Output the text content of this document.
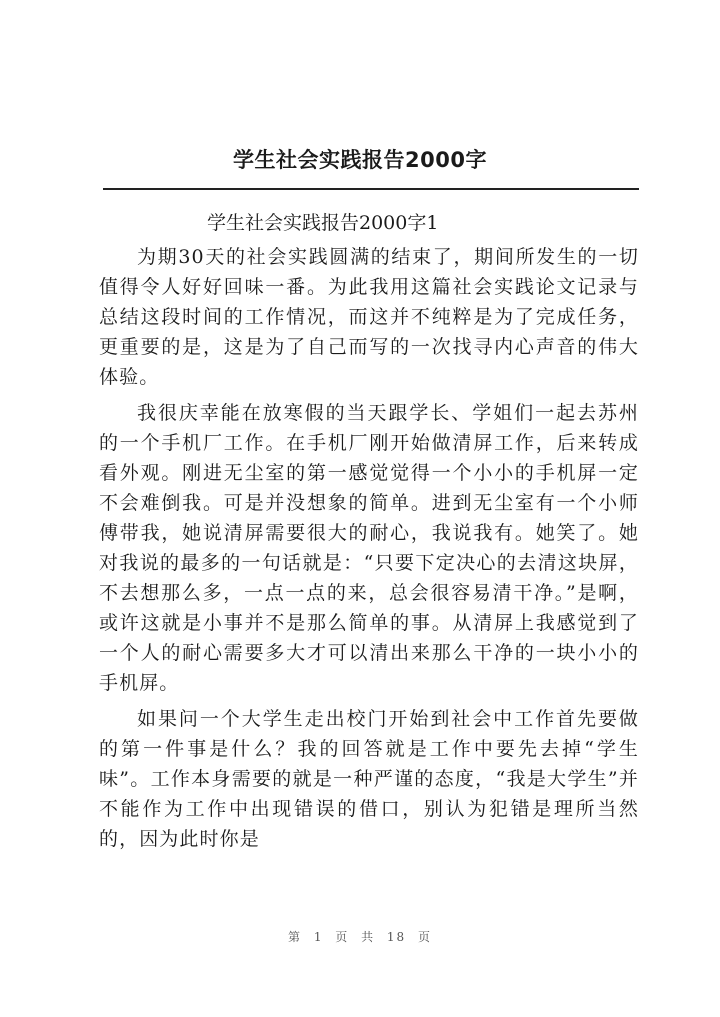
学生社会实践报告2000字
学生社会实践报告2000字1

为期30天的社会实践圆满的结束了，期间所发生的一切值得令人好好回味一番。为此我用这篇社会实践论文记录与总结这段时间的工作情况，而这并不纯粹是为了完成任务，更重要的是，这是为了自己而写的一次找寻内心声音的伟大体验。

我很庆幸能在放寒假的当天跟学长、学姐们一起去苏州的一个手机厂工作。在手机厂刚开始做清屏工作，后来转成看外观。刚进无尘室的第一感觉觉得一个小小的手机屏一定不会难倒我。可是并没想象的简单。进到无尘室有一个小师傅带我，她说清屏需要很大的耐心，我说我有。她笑了。她对我说的最多的一句话就是：“只要下定决心的去清这块屏，不去想那么多，一点一点的来，总会很容易清干净。”是啊，或许这就是小事并不是那么简单的事。从清屏上我感觉到了一个人的耐心需要多大才可以清出来那么干净的一块小小的手机屏。

如果问一个大学生走出校门开始到社会中工作首先要做的第一件事是什么？我的回答就是工作中要先去掉“学生味”。工作本身需要的就是一种严谨的态度，“我是大学生”并不能作为工作中出现错误的借口，别认为犯错是理所当然的，因为此时你是

第 1 页 共 18 页
